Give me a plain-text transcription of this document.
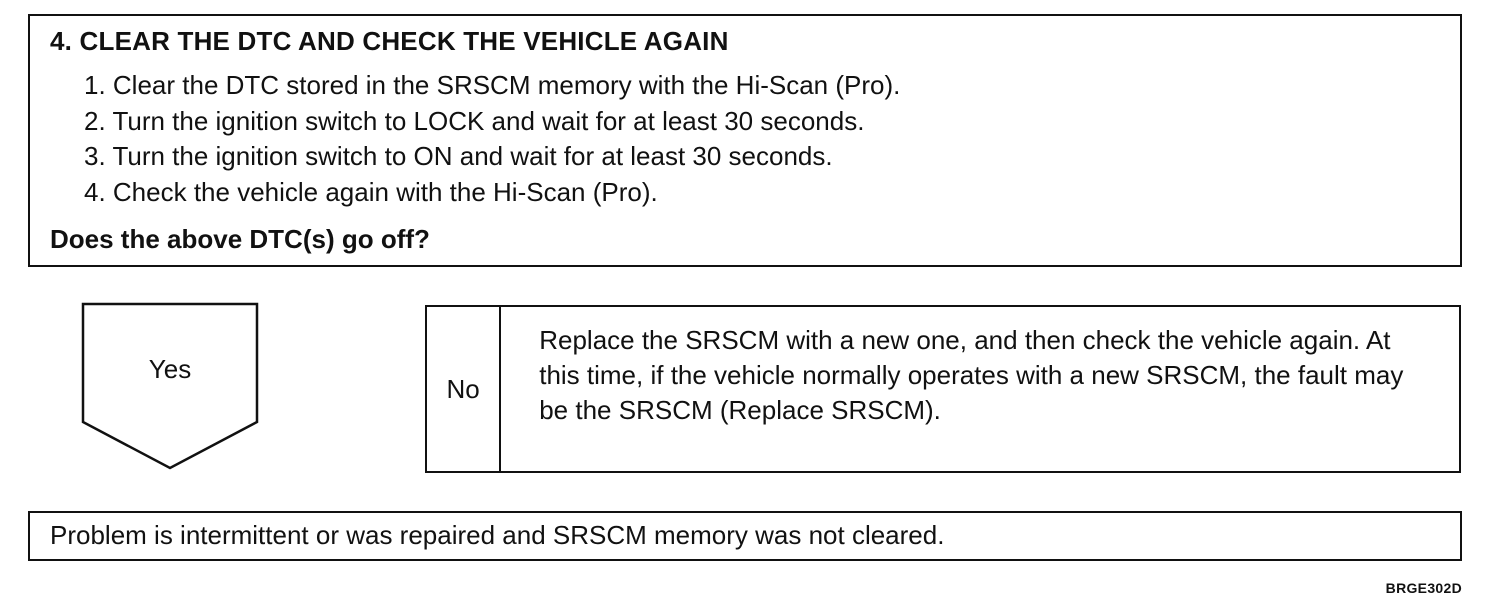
4. CLEAR THE DTC AND CHECK THE VEHICLE AGAIN
1. Clear the DTC stored in the SRSCM memory with the Hi-Scan (Pro).
2. Turn the ignition switch to LOCK and wait for at least 30 seconds.
3. Turn the ignition switch to ON and wait for at least 30 seconds.
4. Check the vehicle again with the Hi-Scan (Pro).
Does the above DTC(s) go off?
Yes
No
Replace the SRSCM with a new one, and then check the vehicle again. At this time, if the vehicle normally operates with a new SRSCM, the fault may be the SRSCM (Replace SRSCM).
Problem is intermittent or was repaired and SRSCM memory was not cleared.
BRGE302D
